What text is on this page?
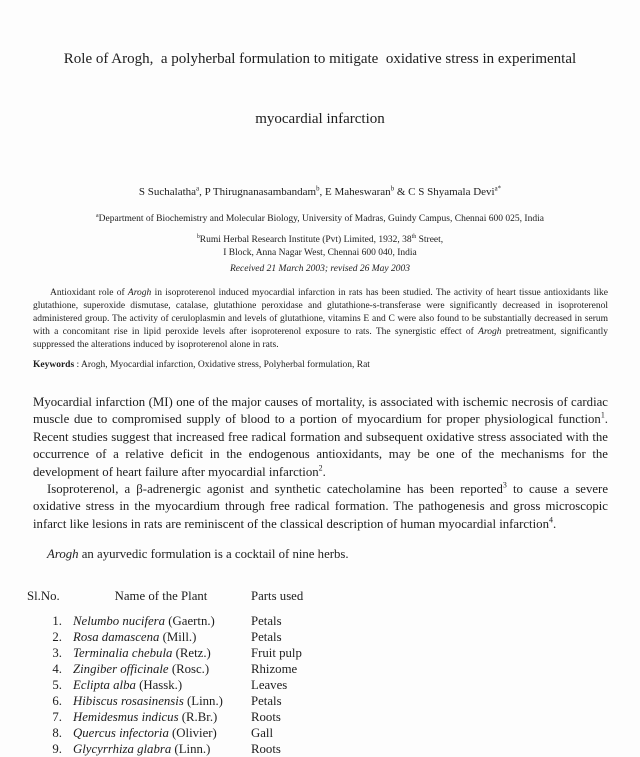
Role of Arogh,  a polyherbal formulation to mitigate  oxidative stress in experimental

myocardial infarction

S Suchalatha$^a$, P Thirugnanasambandam$^b$, E Maheswaran$^b$ & C S Shyamala Devi$^{a*}$
$^a$Department of Biochemistry and Molecular Biology, University of Madras, Guindy Campus, Chennai 600 025, India
$^b$Rumi Herbal Research Institute (Pvt) Limited, 1932, 38th Street,
I Block, Anna Nagar West, Chennai 600 040, India
Received 21 March 2003; revised 26 May 2003
Antioxidant role of Arogh in isoproterenol induced myocardial infarction in rats has been studied. The activity of heart tissue antioxidants like glutathione, superoxide dismutase, catalase, glutathione peroxidase and glutathione-s-transferase were significantly decreased in isoproterenol administered group. The activity of ceruloplasmin and levels of glutathione, vitamins E and C were also found to be substantially decreased in serum with a concomitant rise in lipid peroxide levels after isoproterenol exposure to rats. The synergistic effect of Arogh pretreatment, significantly suppressed the alterations induced by isoproterenol alone in rats.
Keywords : Arogh, Myocardial infarction, Oxidative stress, Polyherbal formulation, Rat
Myocardial infarction (MI) one of the major causes of mortality, is associated with ischemic necrosis of cardiac muscle due to compromised supply of blood to a portion of myocardium for proper physiological function$^1$. Recent studies suggest that increased free radical formation and subsequent oxidative stress associated with the occurrence of a relative deficit in the endogenous antioxidants, may be one of the mechanisms for the development of heart failure after myocardial infarction$^2$.
Isoproterenol, a β-adrenergic agonist and synthetic catecholamine has been reported$^3$ to cause a severe oxidative stress in the myocardium through free radical formation. The pathogenesis and gross microscopic infarct like lesions in rats are reminiscent of the classical description of human myocardial infarction$^4$.
Arogh an ayurvedic formulation is a cocktail of nine herbs.
Sl.No.	Name of the Plant	Parts used
1. Nelumbo nucifera (Gaertn.)	Petals
2. Rosa damascena (Mill.)	Petals
3. Terminalia chebula (Retz.)	Fruit pulp
4. Zingiber officinale (Rosc.)	Rhizome
5. Eclipta alba (Hassk.)	Leaves
6. Hibiscus rosasinensis (Linn.)	Petals
7. Hemidesmus indicus (R.Br.)	Roots
8. Quercus infectoria (Olivier)	Gall
9. Glycyrrhiza glabra (Linn.)	Roots
